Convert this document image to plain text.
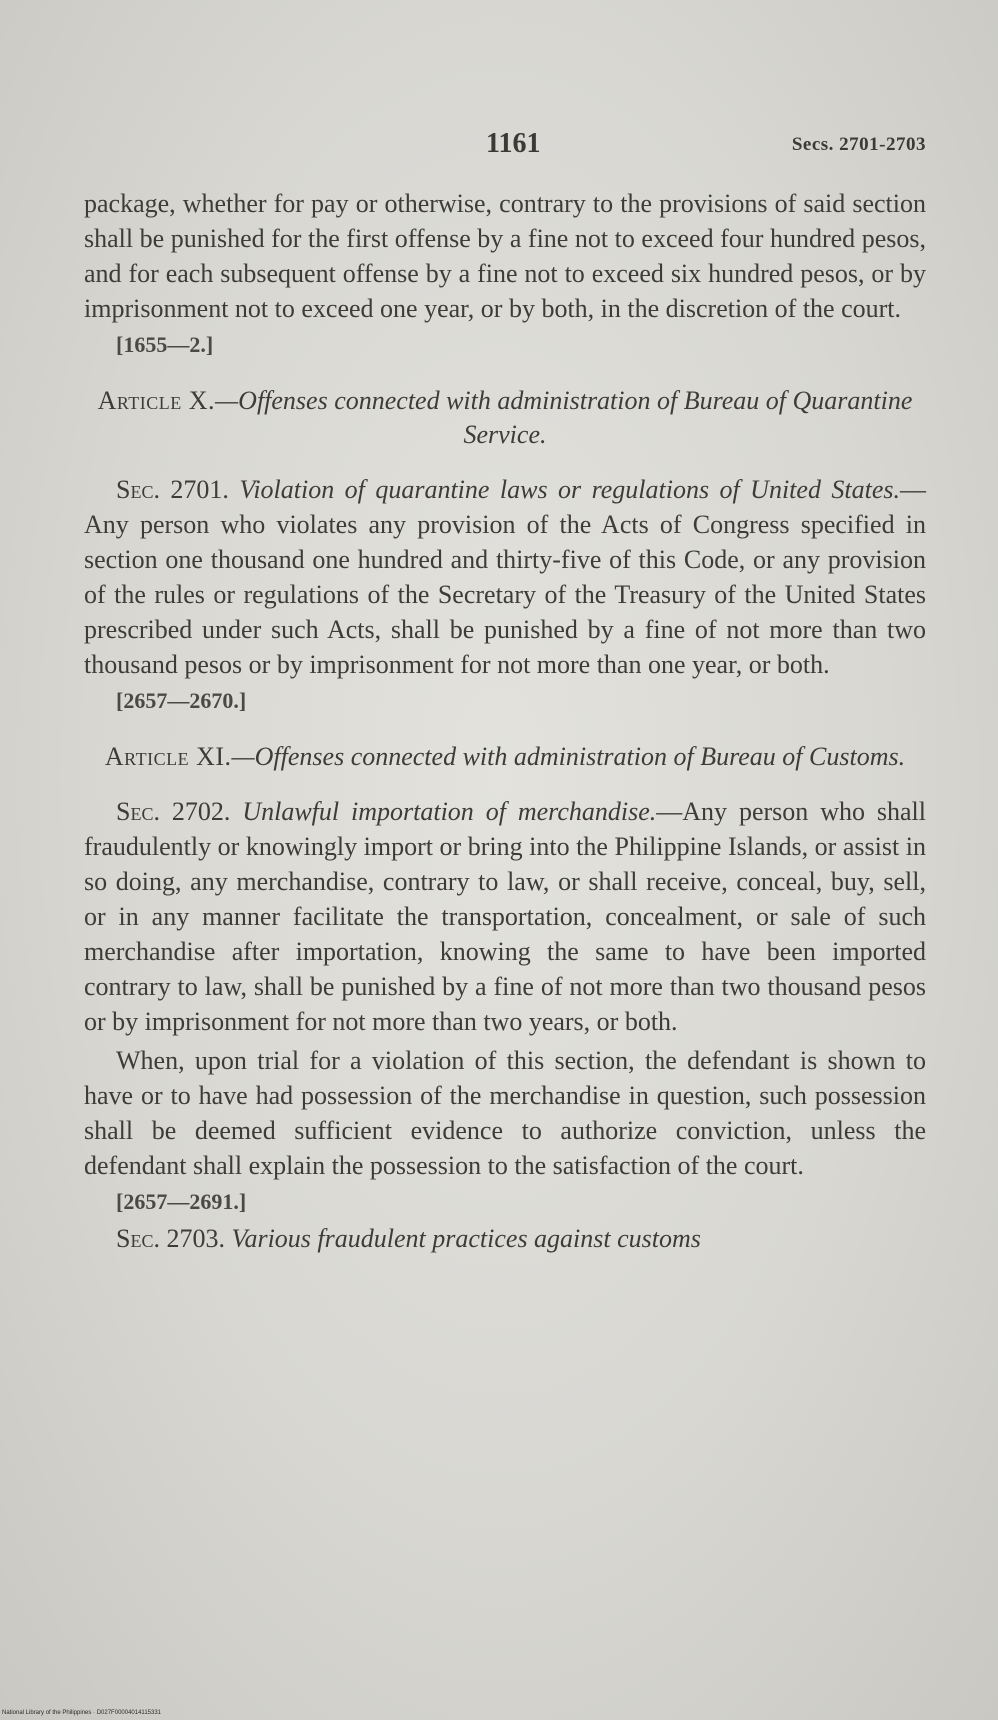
1161	Secs. 2701-2703

package, whether for pay or otherwise, contrary to the provisions of said section shall be punished for the first offense by a fine not to exceed four hundred pesos, and for each subsequent offense by a fine not to exceed six hundred pesos, or by imprisonment not to exceed one year, or by both, in the discretion of the court.

[1655—2.]
Article X.—Offenses connected with administration of Bureau of Quarantine Service.

Sec. 2701. Violation of quarantine laws or regulations of United States.—Any person who violates any provision of the Acts of Congress specified in section one thousand one hundred and thirty-five of this Code, or any provision of the rules or regulations of the Secretary of the Treasury of the United States prescribed under such Acts, shall be punished by a fine of not more than two thousand pesos or by imprisonment for not more than one year, or both.

[2657—2670.]
Article XI.—Offenses connected with administration of Bureau of Customs.

Sec. 2702. Unlawful importation of merchandise.—Any person who shall fraudulently or knowingly import or bring into the Philippine Islands, or assist in so doing, any merchandise, contrary to law, or shall receive, conceal, buy, sell, or in any manner facilitate the transportation, concealment, or sale of such merchandise after importation, knowing the same to have been imported contrary to law, shall be punished by a fine of not more than two thousand pesos or by imprisonment for not more than two years, or both.

When, upon trial for a violation of this section, the defendant is shown to have or to have had possession of the merchandise in question, such possession shall be deemed sufficient evidence to authorize conviction, unless the defendant shall explain the possession to the satisfaction of the court.

[2657—2691.]

Sec. 2703. Various fraudulent practices against customs

National Library of the Philippines · D027F00004014115331
